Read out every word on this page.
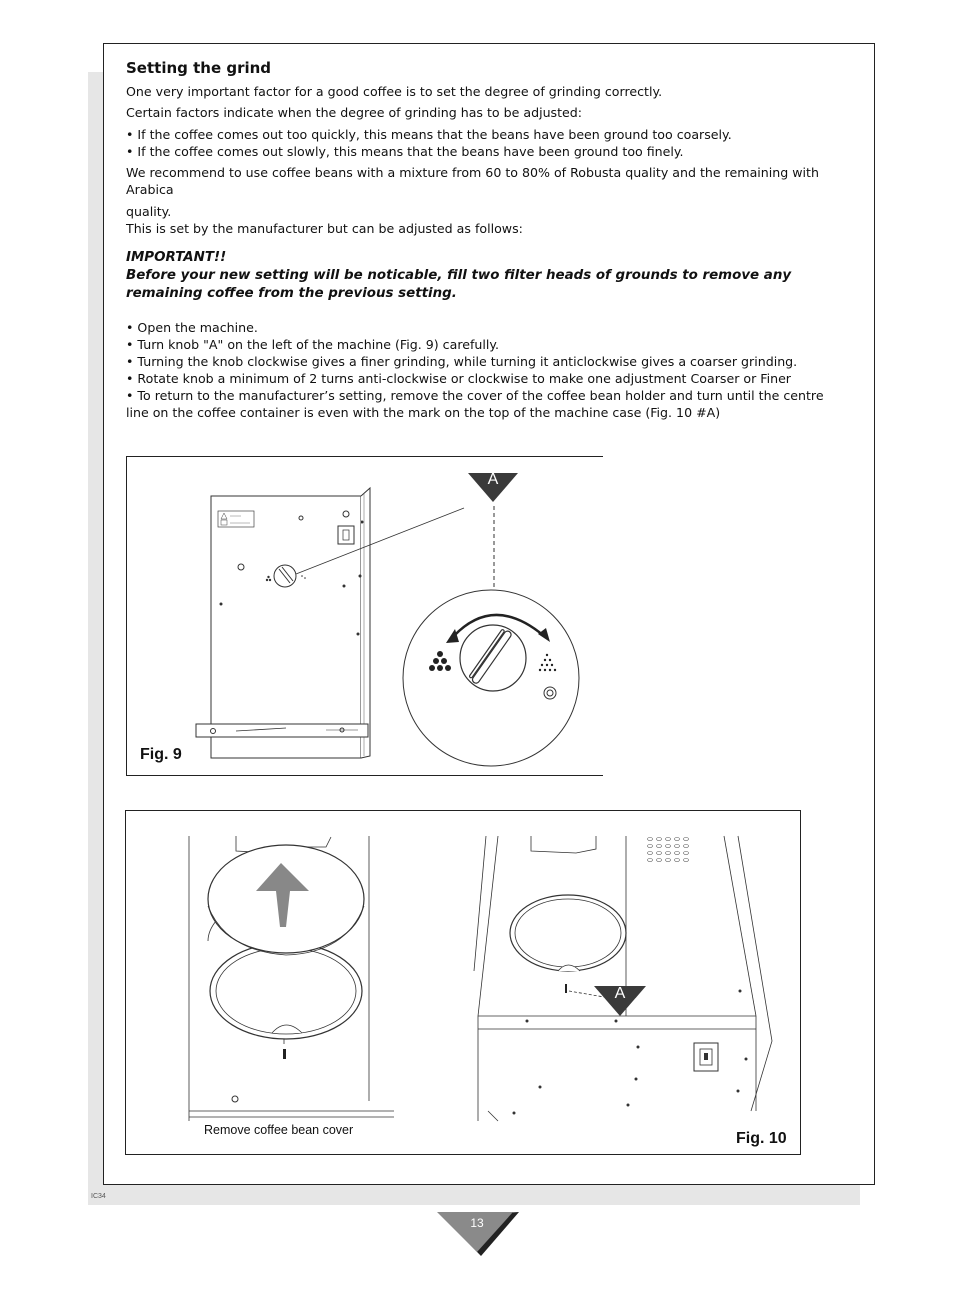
Setting the grind

One very important factor for a good coffee is to set the degree of grinding correctly.

Certain factors indicate when the degree of grinding has to be adjusted:

• If the coffee comes out too quickly, this means that the beans have been ground too coarsely.
• If the coffee comes out slowly, this means that the beans have been ground too finely.
We recommend to use coffee beans with a mixture from 60 to 80% of Robusta quality and the remaining with Arabica
quality.
This is set by the manufacturer but can be adjusted as follows:
IMPORTANT!!
Before your new setting will be noticable, fill two filter heads of grounds to remove any remaining coffee from the previous setting.
• Open the machine.
• Turn knob "A" on the left of the machine (Fig. 9) carefully.
• Turning the knob clockwise gives a finer grinding, while turning it anticlockwise gives a coarser grinding.
• Rotate knob a minimum of 2 turns anti-clockwise or clockwise to make one adjustment Coarser or Finer
• To return to the manufacturer’s setting, remove the cover of the coffee bean holder and turn until the centre line on the coffee container is even with the mark on the top of the machine case (Fig. 10 #A)
A
Fig. 9
A
Remove coffee bean cover	Fig. 10
IC34
13
